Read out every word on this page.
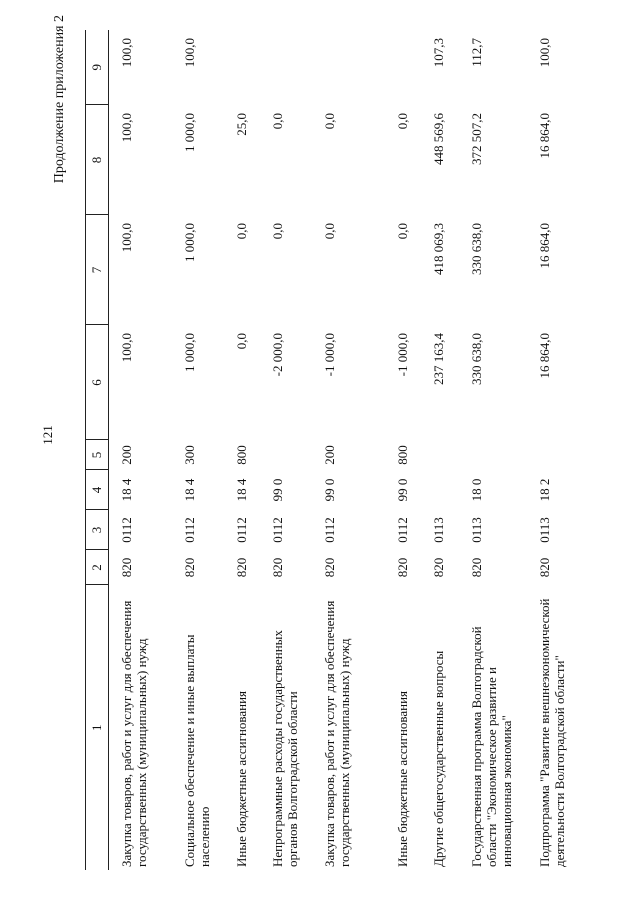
121
Продолжение приложения 2
1	2	3	4	5	6	7	8	9
Закупка товаров, работ и услуг для обеспечения государственных (муниципальных) нужд	820	0112	18 4	200	100,0	100,0	100,0	100,0
Социальное обеспечение и иные выплаты населению	820	0112	18 4	300	1 000,0	1 000,0	1 000,0	100,0
Иные бюджетные ассигнования	820	0112	18 4	800	0,0	0,0	25,0	
Непрограммные расходы государственных органов Волгоградской области	820	0112	99 0		-2 000,0	0,0	0,0	
Закупка товаров, работ и услуг для обеспечения государственных (муниципальных) нужд	820	0112	99 0	200	-1 000,0	0,0	0,0	
Иные бюджетные ассигнования	820	0112	99 0	800	-1 000,0	0,0	0,0	
Другие общегосударственные вопросы	820	0113			237 163,4	418 069,3	448 569,6	107,3
Государственная программа Волгоградской области "Экономическое развитие и инновационная экономика"	820	0113	18 0		330 638,0	330 638,0	372 507,2	112,7
Подпрограмма "Развитие внешнеэкономической деятельности Волгоградской области"	820	0113	18 2		16 864,0	16 864,0	16 864,0	100,0
